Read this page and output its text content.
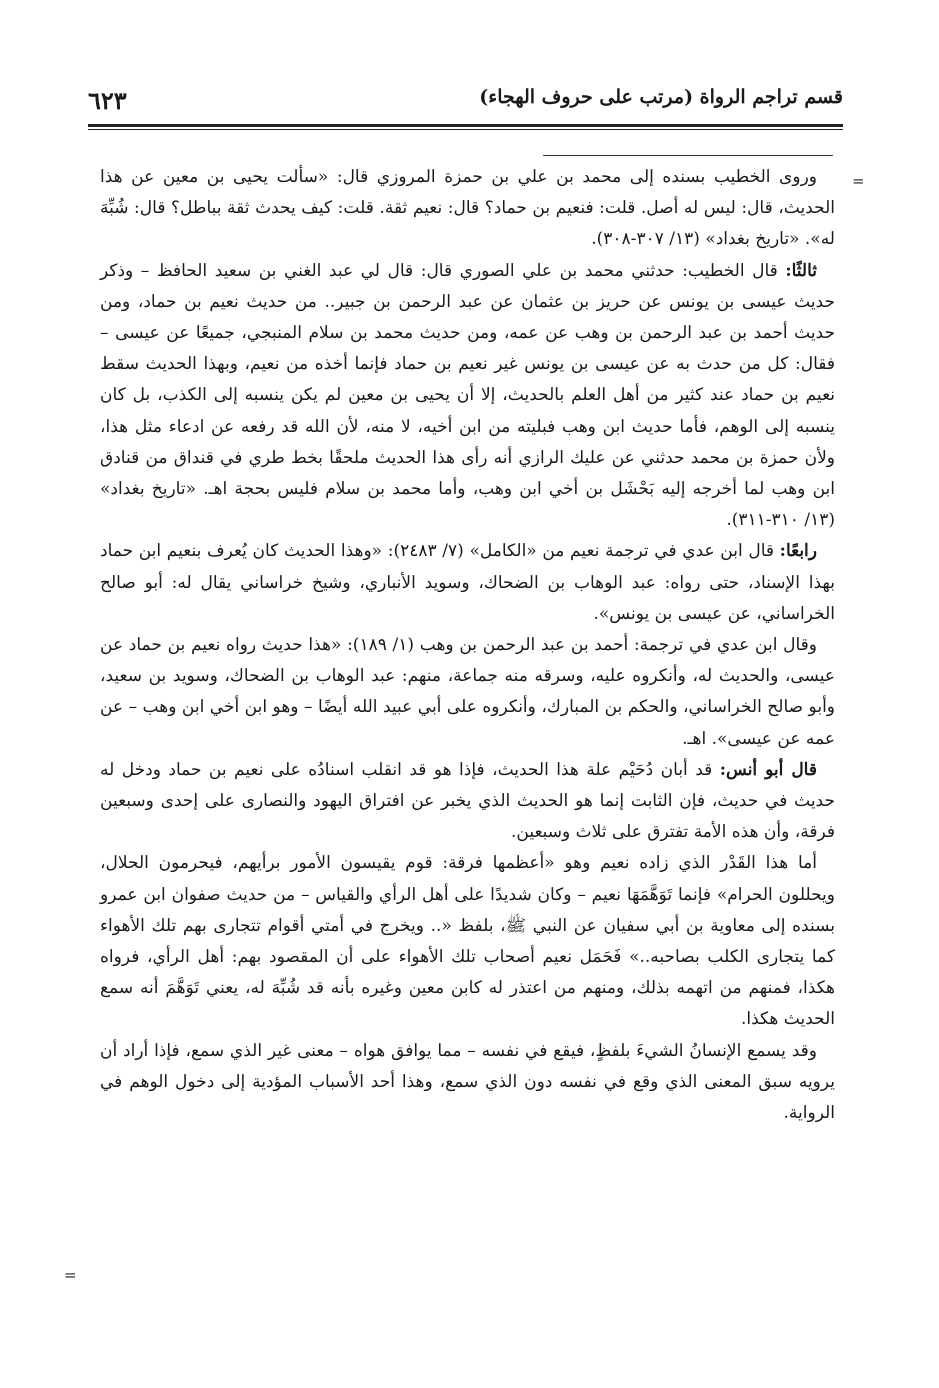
قسم تراجم الرواة (مرتب على حروف الهجاء)
٦٢٣
=

وروى الخطيب بسنده إلى محمد بن علي بن حمزة المروزي قال: «سألت يحيى بن معين عن هذا الحديث، قال: ليس له أصل. قلت: فنعيم بن حماد؟ قال: نعيم ثقة. قلت: كيف يحدث ثقة بباطل؟ قال: شُبِّهَ له». «تاريخ بغداد» (١٣/ ٣٠٧-٣٠٨).

ثالثًا: قال الخطيب: حدثني محمد بن علي الصوري قال: قال لي عبد الغني بن سعيد الحافظ – وذكر حديث عيسى بن يونس عن حريز بن عثمان عن عبد الرحمن بن جبير.. من حديث نعيم بن حماد، ومن حديث أحمد بن عبد الرحمن بن وهب عن عمه، ومن حديث محمد بن سلام المنبجي، جميعًا عن عيسى – فقال: كل من حدث به عن عيسى بن يونس غير نعيم بن حماد فإنما أخذه من نعيم، وبهذا الحديث سقط نعيم بن حماد عند كثير من أهل العلم بالحديث، إلا أن يحيى بن معين لم يكن ينسبه إلى الكذب، بل كان ينسبه إلى الوهم، فأما حديث ابن وهب فبليته من ابن أخيه، لا منه، لأن الله قد رفعه عن ادعاء مثل هذا، ولأن حمزة بن محمد حدثني عن عليك الرازي أنه رأى هذا الحديث ملحقًا بخط طري في قنداق من قنادق ابن وهب لما أخرجه إليه بَحْشَل بن أخي ابن وهب، وأما محمد بن سلام فليس بحجة اهـ. «تاريخ بغداد» (١٣/ ٣١٠-٣١١).

رابعًا: قال ابن عدي في ترجمة نعيم من «الكامل» (٧/ ٢٤٨٣): «وهذا الحديث كان يُعرف بنعيم ابن حماد بهذا الإسناد، حتى رواه: عبد الوهاب بن الضحاك، وسويد الأنباري، وشيخ خراساني يقال له: أبو صالح الخراساني، عن عيسى بن يونس».

وقال ابن عدي في ترجمة: أحمد بن عبد الرحمن بن وهب (١/ ١٨٩): «هذا حديث رواه نعيم بن حماد عن عيسى، والحديث له، وأنكروه عليه، وسرقه منه جماعة، منهم: عبد الوهاب بن الضحاك، وسويد بن سعيد، وأبو صالح الخراساني، والحكم بن المبارك، وأنكروه على أبي عبيد الله أيضًا – وهو ابن أخي ابن وهب – عن عمه عن عيسى». اهـ.

قال أبو أنس: قد أبان دُحَيْم علة هذا الحديث، فإذا هو قد انقلب اسنادُه على نعيم بن حماد ودخل له حديث في حديث، فإن الثابت إنما هو الحديث الذي يخبر عن افتراق اليهود والنصارى على إحدى وسبعين فرقة، وأن هذه الأمة تفترق على ثلاث وسبعين.

أما هذا القَدْر الذي زاده نعيم وهو «أعظمها فرقة: قوم يقيسون الأمور برأيهم، فيحرمون الحلال، ويحللون الحرام» فإنما تَوَهَّمَهَا نعيم – وكان شديدًا على أهل الرأي والقياس – من حديث صفوان ابن عمرو بسنده إلى معاوية بن أبي سفيان عن النبي ﷺ، بلفظ «.. ويخرج في أمتي أقوام تتجارى بهم تلك الأهواء كما يتجارى الكلب بصاحبه..» فَحَمَل نعيم أصحاب تلك الأهواء على أن المقصود بهم: أهل الرأي، فرواه هكذا، فمنهم من اتهمه بذلك، ومنهم من اعتذر له كابن معين وغيره بأنه قد شُبِّهَ له، يعني تَوَهَّمَ أنه سمع الحديث هكذا.

وقد يسمع الإنسانُ الشيءَ بلفظٍ، فيقع في نفسه – مما يوافق هواه – معنى غير الذي سمع، فإذا أراد أن يرويه سبق المعنى الذي وقع في نفسه دون الذي سمع، وهذا أحد الأسباب المؤدية إلى دخول الوهم في الرواية.

=
